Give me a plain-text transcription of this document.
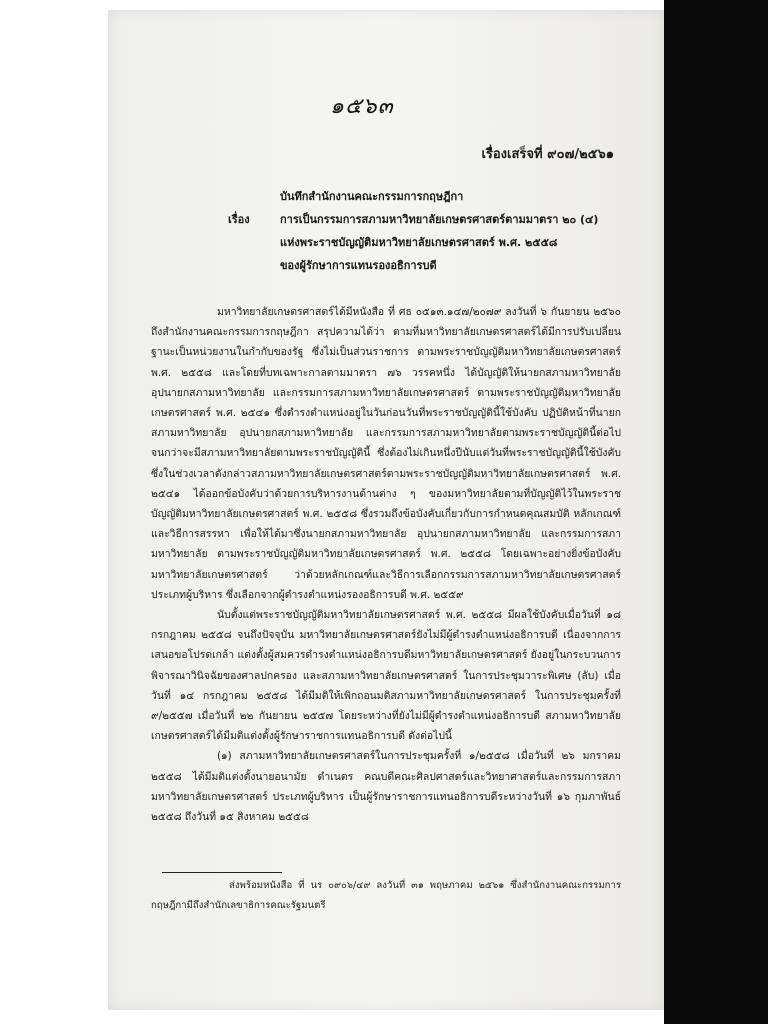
๑๕๖๓
เรื่องเสร็จที่ ๙๐๗/๒๕๖๑
บันทึกสำนักงานคณะกรรมการกฤษฎีกา
เรื่อง	การเป็นกรรมการสภามหาวิทยาลัยเกษตรศาสตร์ตามมาตรา ๒๐ (๔)
แห่งพระราชบัญญัติมหาวิทยาลัยเกษตรศาสตร์ พ.ศ. ๒๕๕๘
ของผู้รักษาการแทนรองอธิการบดี

มหาวิทยาลัยเกษตรศาสตร์ได้มีหนังสือ ที่ ศธ ๐๕๑๓.๑๔๗/๒๐๗๙ ลงวันที่ ๖ กันยายน ๒๕๖๐ ถึงสำนักงานคณะกรรมการกฤษฎีกา สรุปความได้ว่า ตามที่มหาวิทยาลัยเกษตรศาสตร์ได้มีการปรับเปลี่ยนฐานะเป็นหน่วยงานในกำกับของรัฐ ซึ่งไม่เป็นส่วนราชการ ตามพระราชบัญญัติมหาวิทยาลัยเกษตรศาสตร์ พ.ศ. ๒๕๕๘ และโดยที่บทเฉพาะกาลตามมาตรา ๗๖ วรรคหนึ่ง ได้บัญญัติให้นายกสภามหาวิทยาลัย อุปนายกสภามหาวิทยาลัย และกรรมการสภามหาวิทยาลัยเกษตรศาสตร์ ตามพระราชบัญญัติมหาวิทยาลัยเกษตรศาสตร์ พ.ศ. ๒๕๔๑ ซึ่งดำรงตำแหน่งอยู่ในวันก่อนวันที่พระราชบัญญัตินี้ใช้บังคับ ปฏิบัติหน้าที่นายกสภามหาวิทยาลัย อุปนายกสภามหาวิทยาลัย และกรรมการสภามหาวิทยาลัยตามพระราชบัญญัตินี้ต่อไป จนกว่าจะมีสภามหาวิทยาลัยตามพระราชบัญญัตินี้ ซึ่งต้องไม่เกินหนึ่งปีนับแต่วันที่พระราชบัญญัตินี้ใช้บังคับ ซึ่งในช่วงเวลาดังกล่าวสภามหาวิทยาลัยเกษตรศาสตร์ตามพระราชบัญญัติมหาวิทยาลัยเกษตรศาสตร์ พ.ศ. ๒๕๔๑ ได้ออกข้อบังคับว่าด้วยการบริหารงานด้านต่าง ๆ ของมหาวิทยาลัยตามที่บัญญัติไว้ในพระราชบัญญัติมหาวิทยาลัยเกษตรศาสตร์ พ.ศ. ๒๕๕๘ ซึ่งรวมถึงข้อบังคับเกี่ยวกับการกำหนดคุณสมบัติ หลักเกณฑ์และวิธีการสรรหา เพื่อให้ได้มาซึ่งนายกสภามหาวิทยาลัย อุปนายกสภามหาวิทยาลัย และกรรมการสภามหาวิทยาลัย ตามพระราชบัญญัติมหาวิทยาลัยเกษตรศาสตร์ พ.ศ. ๒๕๕๘ โดยเฉพาะอย่างยิ่งข้อบังคับมหาวิทยาลัยเกษตรศาสตร์ ว่าด้วยหลักเกณฑ์และวิธีการเลือกกรรมการสภามหาวิทยาลัยเกษตรศาสตร์ ประเภทผู้บริหาร ซึ่งเลือกจากผู้ดำรงตำแหน่งรองอธิการบดี พ.ศ. ๒๕๕๙

นับตั้งแต่พระราชบัญญัติมหาวิทยาลัยเกษตรศาสตร์ พ.ศ. ๒๕๕๘ มีผลใช้บังคับเมื่อวันที่ ๑๘ กรกฎาคม ๒๕๕๘ จนถึงปัจจุบัน มหาวิทยาลัยเกษตรศาสตร์ยังไม่มีผู้ดำรงตำแหน่งอธิการบดี เนื่องจากการเสนอขอโปรดเกล้า แต่งตั้งผู้สมควรดำรงตำแหน่งอธิการบดีมหาวิทยาลัยเกษตรศาสตร์ ยังอยู่ในกระบวนการพิจารณาวินิจฉัยของศาลปกครอง และสภามหาวิทยาลัยเกษตรศาสตร์ ในการประชุมวาระพิเศษ (ลับ) เมื่อวันที่ ๑๔ กรกฎาคม ๒๕๕๘ ได้มีมติให้เพิกถอนมติสภามหาวิทยาลัยเกษตรศาสตร์ ในการประชุมครั้งที่ ๙/๒๕๕๗ เมื่อวันที่ ๒๒ กันยายน ๒๕๕๗ โดยระหว่างที่ยังไม่มีผู้ดำรงตำแหน่งอธิการบดี สภามหาวิทยาลัยเกษตรศาสตร์ได้มีมติแต่งตั้งผู้รักษาราชการแทนอธิการบดี ดังต่อไปนี้

(๑) สภามหาวิทยาลัยเกษตรศาสตร์ในการประชุมครั้งที่ ๑/๒๕๕๘ เมื่อวันที่ ๒๖ มกราคม ๒๕๕๘ ได้มีมติแต่งตั้งนายอนามัย ดำเนตร คณบดีคณะศิลปศาสตร์และวิทยาศาสตร์และกรรมการสภามหาวิทยาลัยเกษตรศาสตร์ ประเภทผู้บริหาร เป็นผู้รักษาราชการแทนอธิการบดีระหว่างวันที่ ๑๖ กุมภาพันธ์ ๒๕๕๘ ถึงวันที่ ๑๕ สิงหาคม ๒๕๕๘

ส่งพร้อมหนังสือ ที่ นร ๐๙๐๖/๔๙ ลงวันที่ ๓๑ พฤษภาคม ๒๕๖๑ ซึ่งสำนักงานคณะกรรมการกฤษฎีกามีถึงสำนักเลขาธิการคณะรัฐมนตรี
